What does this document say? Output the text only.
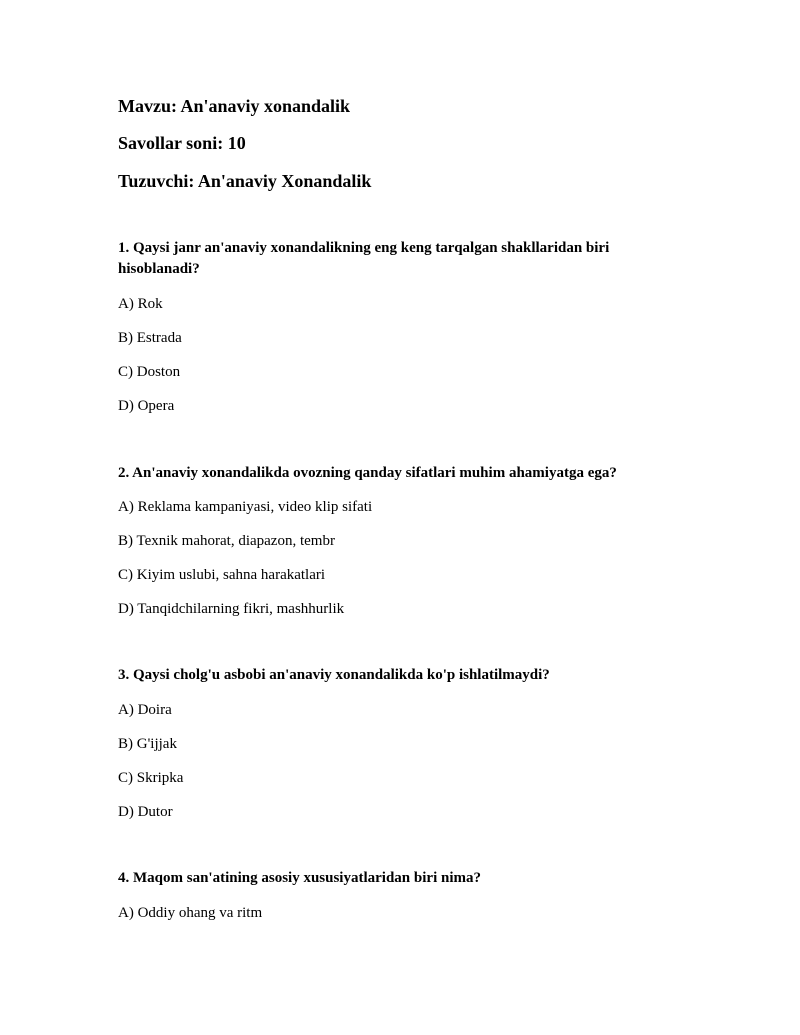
Mavzu: An'anaviy xonandalik
Savollar soni: 10
Tuzuvchi: An'anaviy Xonandalik

1. Qaysi janr an'anaviy xonandalikning eng keng tarqalgan shakllaridan biri hisoblanadi?

A) Rok
B) Estrada
C) Doston
D) Opera

2. An'anaviy xonandalikda ovozning qanday sifatlari muhim ahamiyatga ega?

A) Reklama kampaniyasi, video klip sifati
B) Texnik mahorat, diapazon, tembr
C) Kiyim uslubi, sahna harakatlari
D) Tanqidchilarning fikri, mashhurlik

3. Qaysi cholg'u asbobi an'anaviy xonandalikda ko'p ishlatilmaydi?

A) Doira
B) G'ijjak
C) Skripka
D) Dutor

4. Maqom san'atining asosiy xususiyatlaridan biri nima?

A) Oddiy ohang va ritm
